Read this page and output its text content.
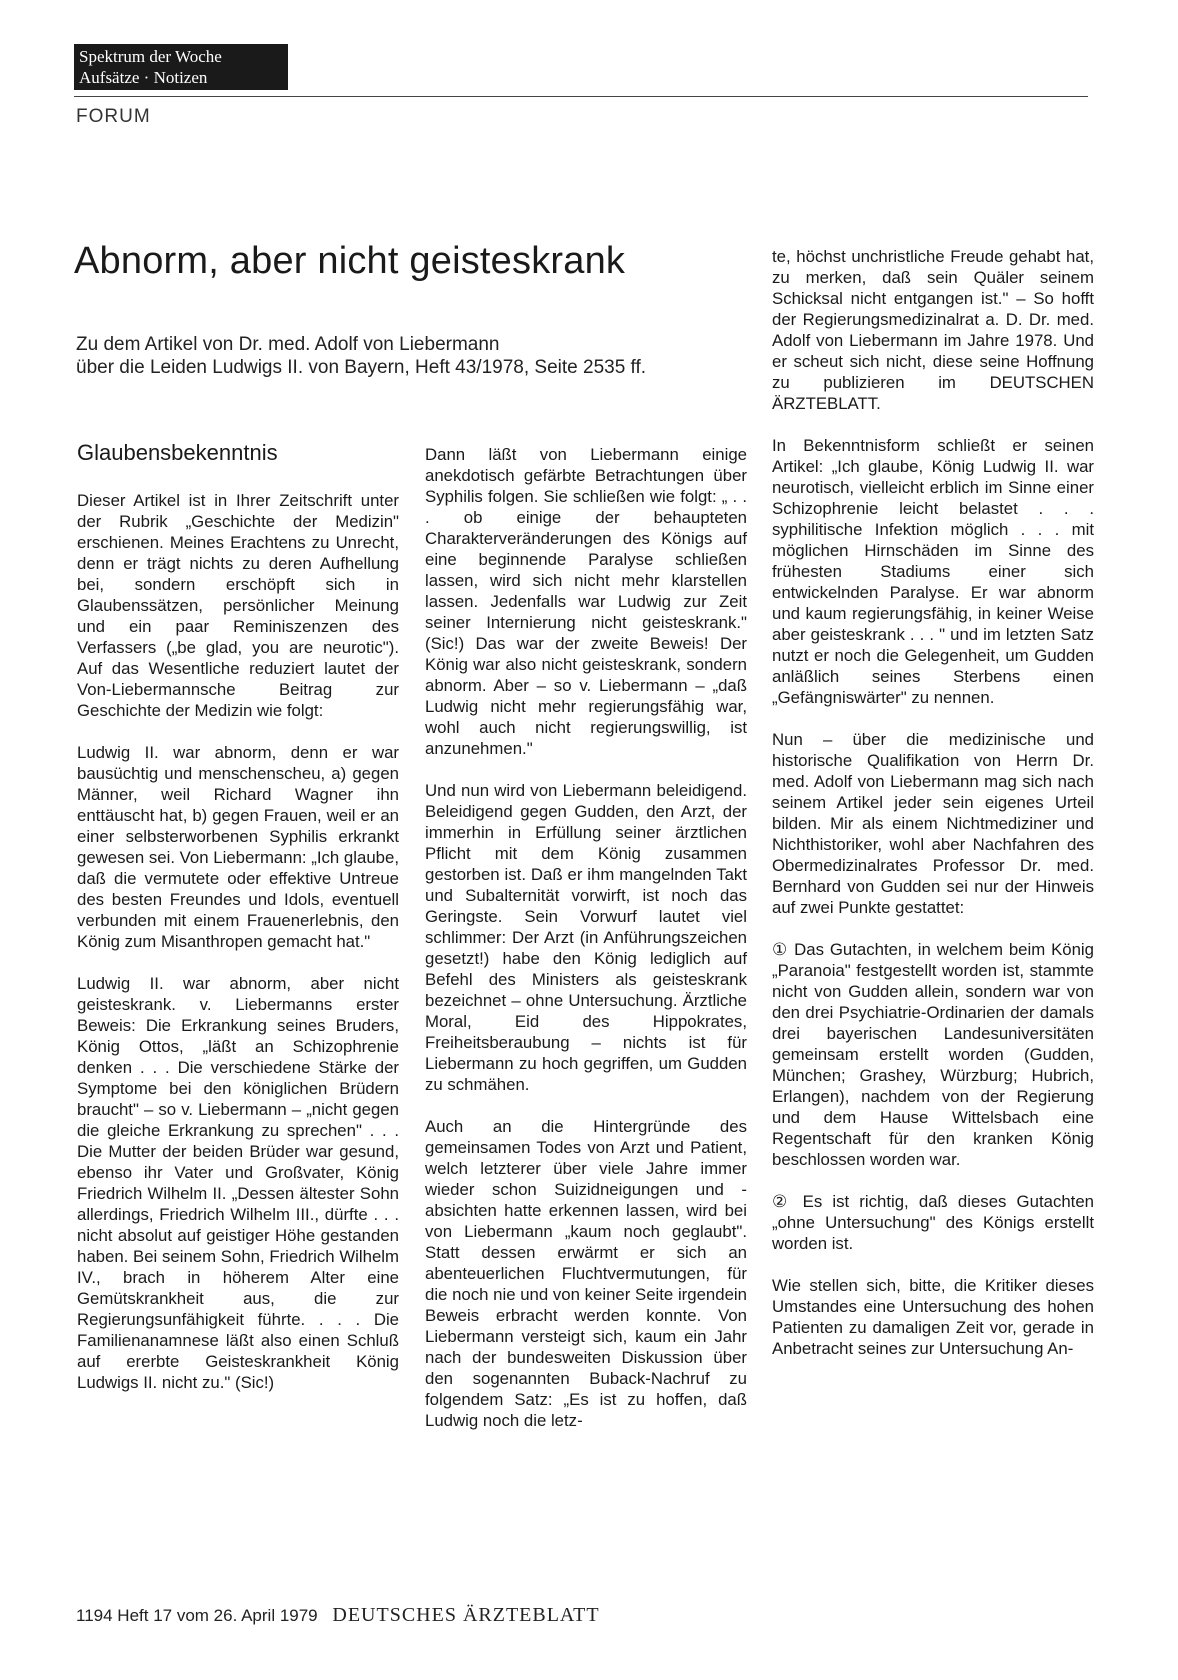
Spektrum der Woche
Aufsätze · Notizen
FORUM
Abnorm, aber nicht geisteskrank
Zu dem Artikel von Dr. med. Adolf von Liebermann
über die Leiden Ludwigs II. von Bayern, Heft 43/1978, Seite 2535 ff.
Glaubensbekenntnis

Dieser Artikel ist in Ihrer Zeitschrift unter der Rubrik „Geschichte der Medizin" erschienen. Meines Erachtens zu Unrecht, denn er trägt nichts zu deren Aufhellung bei, sondern erschöpft sich in Glaubenssätzen, persönlicher Meinung und ein paar Reminiszenzen des Verfassers („be glad, you are neurotic"). Auf das Wesentliche reduziert lautet der Von-Liebermannsche Beitrag zur Geschichte der Medizin wie folgt:

Ludwig II. war abnorm, denn er war bausüchtig und menschenscheu, a) gegen Männer, weil Richard Wagner ihn enttäuscht hat, b) gegen Frauen, weil er an einer selbsterworbenen Syphilis erkrankt gewesen sei. Von Liebermann: „Ich glaube, daß die vermutete oder effektive Untreue des besten Freundes und Idols, eventuell verbunden mit einem Frauenerlebnis, den König zum Misanthropen gemacht hat."

Ludwig II. war abnorm, aber nicht geisteskrank. v. Liebermanns erster Beweis: Die Erkrankung seines Bruders, König Ottos, „läßt an Schizophrenie denken . . . Die verschiedene Stärke der Symptome bei den königlichen Brüdern braucht" – so v. Liebermann – „nicht gegen die gleiche Erkrankung zu sprechen" . . . Die Mutter der beiden Brüder war gesund, ebenso ihr Vater und Großvater, König Friedrich Wilhelm II. „Dessen ältester Sohn allerdings, Friedrich Wilhelm III., dürfte . . . nicht absolut auf geistiger Höhe gestanden haben. Bei seinem Sohn, Friedrich Wilhelm IV., brach in höherem Alter eine Gemütskrankheit aus, die zur Regierungsunfähigkeit führte. . . . Die Familienanamnese läßt also einen Schluß auf ererbte Geisteskrankheit König Ludwigs II. nicht zu." (Sic!)

Dann läßt von Liebermann einige anekdotisch gefärbte Betrachtungen über Syphilis folgen. Sie schließen wie folgt: „ . . . ob einige der behaupteten Charakterveränderungen des Königs auf eine beginnende Paralyse schließen lassen, wird sich nicht mehr klarstellen lassen. Jedenfalls war Ludwig zur Zeit seiner Internierung nicht geisteskrank." (Sic!) Das war der zweite Beweis! Der König war also nicht geisteskrank, sondern abnorm. Aber – so v. Liebermann – „daß Ludwig nicht mehr regierungsfähig war, wohl auch nicht regierungswillig, ist anzunehmen."

Und nun wird von Liebermann beleidigend. Beleidigend gegen Gudden, den Arzt, der immerhin in Erfüllung seiner ärztlichen Pflicht mit dem König zusammen gestorben ist. Daß er ihm mangelnden Takt und Subalternität vorwirft, ist noch das Geringste. Sein Vorwurf lautet viel schlimmer: Der Arzt (in Anführungszeichen gesetzt!) habe den König lediglich auf Befehl des Ministers als geisteskrank bezeichnet – ohne Untersuchung. Ärztliche Moral, Eid des Hippokrates, Freiheitsberaubung – nichts ist für Liebermann zu hoch gegriffen, um Gudden zu schmähen.

Auch an die Hintergründe des gemeinsamen Todes von Arzt und Patient, welch letzterer über viele Jahre immer wieder schon Suizidneigungen und -absichten hatte erkennen lassen, wird bei von Liebermann „kaum noch geglaubt". Statt dessen erwärmt er sich an abenteuerlichen Fluchtvermutungen, für die noch nie und von keiner Seite irgendein Beweis erbracht werden konnte. Von Liebermann versteigt sich, kaum ein Jahr nach der bundesweiten Diskussion über den sogenannten Buback-Nachruf zu folgendem Satz: „Es ist zu hoffen, daß Ludwig noch die letz-

te, höchst unchristliche Freude gehabt hat, zu merken, daß sein Quäler seinem Schicksal nicht entgangen ist." – So hofft der Regierungsmedizinalrat a. D. Dr. med. Adolf von Liebermann im Jahre 1978. Und er scheut sich nicht, diese seine Hoffnung zu publizieren im DEUTSCHEN ÄRZTEBLATT.

In Bekenntnisform schließt er seinen Artikel: „Ich glaube, König Ludwig II. war neurotisch, vielleicht erblich im Sinne einer Schizophrenie leicht belastet . . . syphilitische Infektion möglich . . . mit möglichen Hirnschäden im Sinne des frühesten Stadiums einer sich entwickelnden Paralyse. Er war abnorm und kaum regierungsfähig, in keiner Weise aber geisteskrank . . . " und im letzten Satz nutzt er noch die Gelegenheit, um Gudden anläßlich seines Sterbens einen „Gefängniswärter" zu nennen.

Nun – über die medizinische und historische Qualifikation von Herrn Dr. med. Adolf von Liebermann mag sich nach seinem Artikel jeder sein eigenes Urteil bilden. Mir als einem Nichtmediziner und Nichthistoriker, wohl aber Nachfahren des Obermedizinalrates Professor Dr. med. Bernhard von Gudden sei nur der Hinweis auf zwei Punkte gestattet:

① Das Gutachten, in welchem beim König „Paranoia" festgestellt worden ist, stammte nicht von Gudden allein, sondern war von den drei Psychiatrie-Ordinarien der damals drei bayerischen Landesuniversitäten gemeinsam erstellt worden (Gudden, München; Grashey, Würzburg; Hubrich, Erlangen), nachdem von der Regierung und dem Hause Wittelsbach eine Regentschaft für den kranken König beschlossen worden war.

② Es ist richtig, daß dieses Gutachten „ohne Untersuchung" des Königs erstellt worden ist.

Wie stellen sich, bitte, die Kritiker dieses Umstandes eine Untersuchung des hohen Patienten zu damaligen Zeit vor, gerade in Anbetracht seines zur Untersuchung An-

1194 Heft 17 vom 26. April 1979 DEUTSCHES ÄRZTEBLATT
